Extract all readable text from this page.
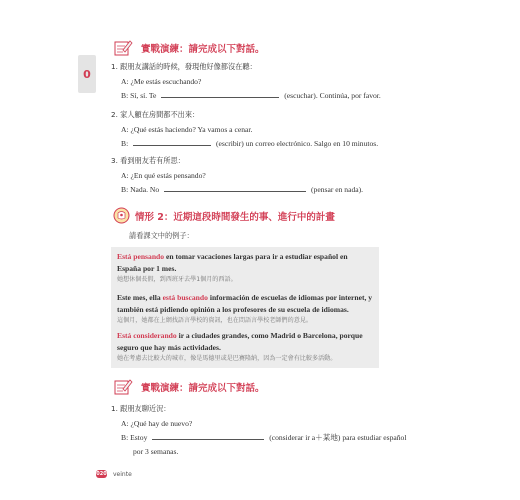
0
實戰演練：請完成以下對話。

1. 跟朋友講話的時候，發現他好像都沒在聽：

A: ¿Me estás escuchando?

B: Sí, sí. Te	(escuchar). Continúa, por favor.

2. 家人顧在房間都不出來：

A: ¿Qué estás haciendo? Ya vamos a cenar.

B:	(escribir) un correo electrónico. Salgo en 10 minutos.

3. 看到朋友若有所思：

A: ¿En qué estás pensando?

B: Nada. No	(pensar en nada).

情形 2：近期這段時間發生的事、進行中的計畫
請看課文中的例子：
Está pensando en tomar vacaciones largas para ir a estudiar español en España por 1 mes.
她想休個長假，到西班牙去學1個月的西語。
Este mes, ella está buscando información de escuelas de idiomas por internet, y también está pidiendo opinión a los profesores de su escuela de idiomas.
這個月，她都在上網找語言學校的資訊，也在問語言學校老師們的意見。
Está considerando ir a ciudades grandes, como Madrid o Barcelona, porque seguro que hay más actividades.
她在考慮去比較大的城市，像是馬德里或是巴賽隆納，因為一定會有比較多活動。
實戰演練：請完成以下對話。

1. 跟朋友聊近況：

A: ¿Qué hay de nuevo?

B: Estoy	(considerar ir a＋某地) para estudiar español

por 3 semanas.

020 veinte
